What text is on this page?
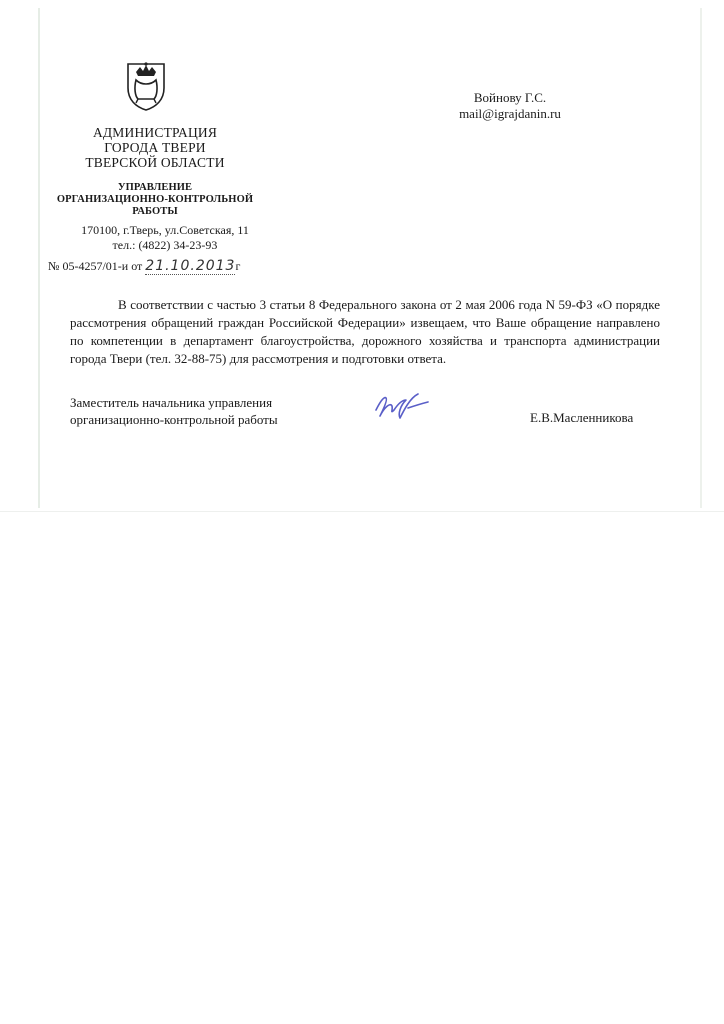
АДМИНИСТРАЦИЯ
ГОРОДА ТВЕРИ
ТВЕРСКОЙ ОБЛАСТИ
УПРАВЛЕНИЕ
ОРГАНИЗАЦИОННО-КОНТРОЛЬНОЙ
РАБОТЫ
170100, г.Тверь, ул.Советская, 11
тел.: (4822) 34-23-93
№ 05-4257/01-и от 21.10.2013г
Войнову Г.С.
mail@igrajdanin.ru
В соответствии с частью 3 статьи 8 Федерального закона от 2 мая 2006 года N 59-ФЗ «О порядке рассмотрения обращений граждан Российской Федерации» извещаем, что Ваше обращение направлено по компетенции в департамент благоустройства, дорожного хозяйства и транспорта администрации города Твери (тел. 32-88-75) для рассмотрения и подготовки ответа.
Заместитель начальника управления
организационно-контрольной работы	Е.В.Масленникова
